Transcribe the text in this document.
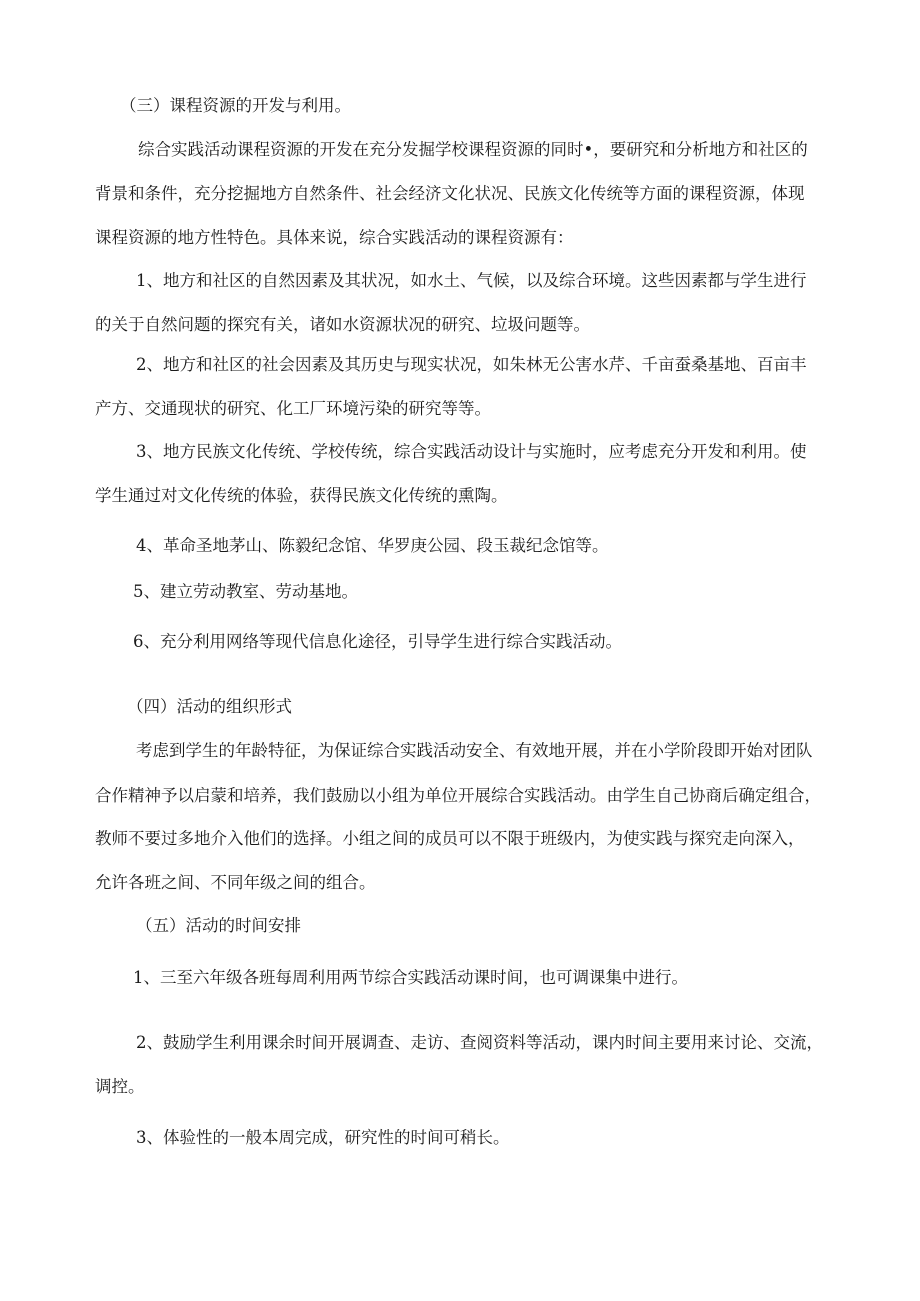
（三）课程资源的开发与利用。
综合实践活动课程资源的开发在充分发掘学校课程资源的同时•，要研究和分析地方和社区的
背景和条件，充分挖掘地方自然条件、社会经济文化状况、民族文化传统等方面的课程资源，体现
课程资源的地方性特色。具体来说，综合实践活动的课程资源有：
1、地方和社区的自然因素及其状况，如水土、气候，以及综合环境。这些因素都与学生进行
的关于自然问题的探究有关，诸如水资源状况的研究、垃圾问题等。
2、地方和社区的社会因素及其历史与现实状况，如朱林无公害水芹、千亩蚕桑基地、百亩丰
产方、交通现状的研究、化工厂环境污染的研究等等。
3、地方民族文化传统、学校传统，综合实践活动设计与实施时，应考虑充分开发和利用。使
学生通过对文化传统的体验，获得民族文化传统的熏陶。
4、革命圣地茅山、陈毅纪念馆、华罗庚公园、段玉裁纪念馆等。
5、建立劳动教室、劳动基地。
6、充分利用网络等现代信息化途径，引导学生进行综合实践活动。
（四）活动的组织形式
考虑到学生的年龄特征，为保证综合实践活动安全、有效地开展，并在小学阶段即开始对团队
合作精神予以启蒙和培养，我们鼓励以小组为单位开展综合实践活动。由学生自己协商后确定组合，
教师不要过多地介入他们的选择。小组之间的成员可以不限于班级内，为使实践与探究走向深入，
允许各班之间、不同年级之间的组合。
（五）活动的时间安排
1、三至六年级各班每周利用两节综合实践活动课时间，也可调课集中进行。
2、鼓励学生利用课余时间开展调查、走访、查阅资料等活动，课内时间主要用来讨论、交流，
调控。
3、体验性的一般本周完成，研究性的时间可稍长。
